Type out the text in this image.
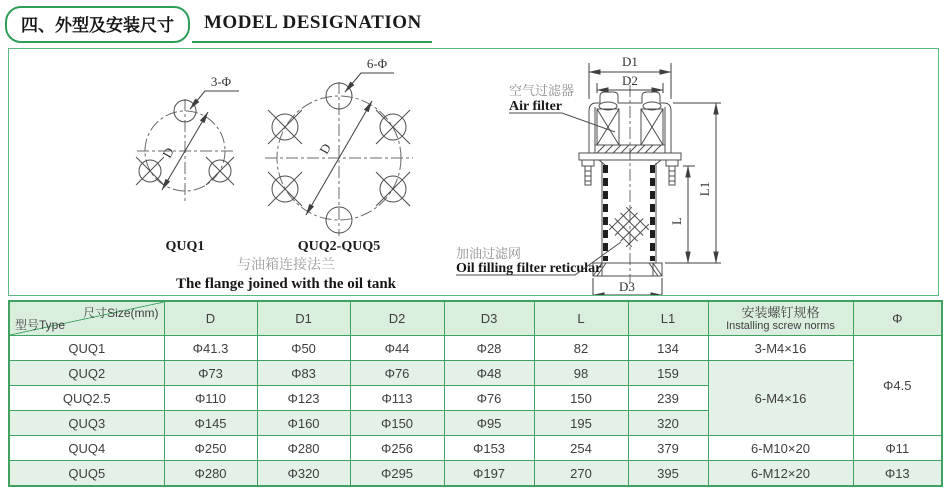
四、外型及安装尺寸	MODEL DESIGNATION
D
3-Φ
QUQ1
D
6-Φ
QUQ2-QUQ5
与油箱连接法兰
The flange joined with the oil tank
D1
D2
D3
L1
L
空气过滤器
Air filter
加油过滤网
Oil filling filter reticular
尺寸Size(mm)
型号Type	D	D1	D2	D3	L	L1	安装螺钉规格
Installing screw norms	Φ
QUQ1	Φ41.3	Φ50	Φ44	Φ28	82	134	3-M4×16	Φ4.5
QUQ2	Φ73	Φ83	Φ76	Φ48	98	159	6-M4×16	
QUQ2.5	Φ110	Φ123	Φ113	Φ76	150	239		
QUQ3	Φ145	Φ160	Φ150	Φ95	195	320		
QUQ4	Φ250	Φ280	Φ256	Φ153	254	379	6-M10×20	Φ11
QUQ5	Φ280	Φ320	Φ295	Φ197	270	395	6-M12×20	Φ13
